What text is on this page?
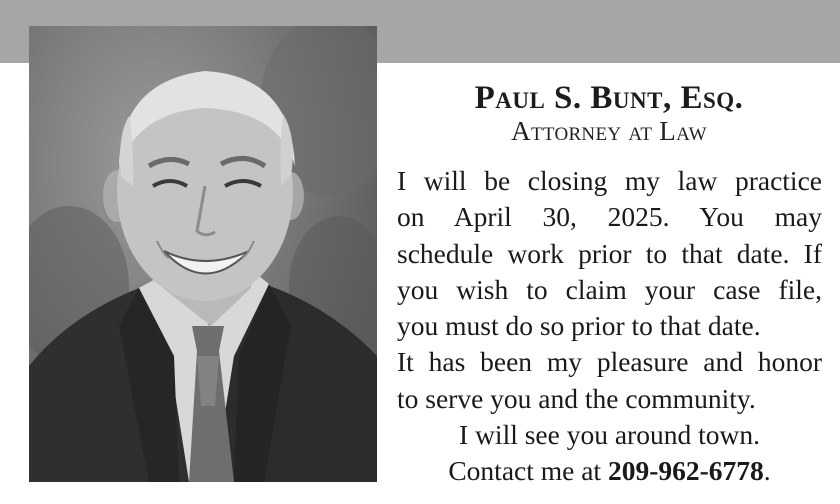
Paul S. Bunt, Esq.
Attorney at Law
I will be closing my law practice
on April 30, 2025. You may
schedule work prior to that date. If
you wish to claim your case file,
you must do so prior to that date.
It has been my pleasure and honor
to serve you and the community.
I will see you around town.
Contact me at 209-962-6778.
